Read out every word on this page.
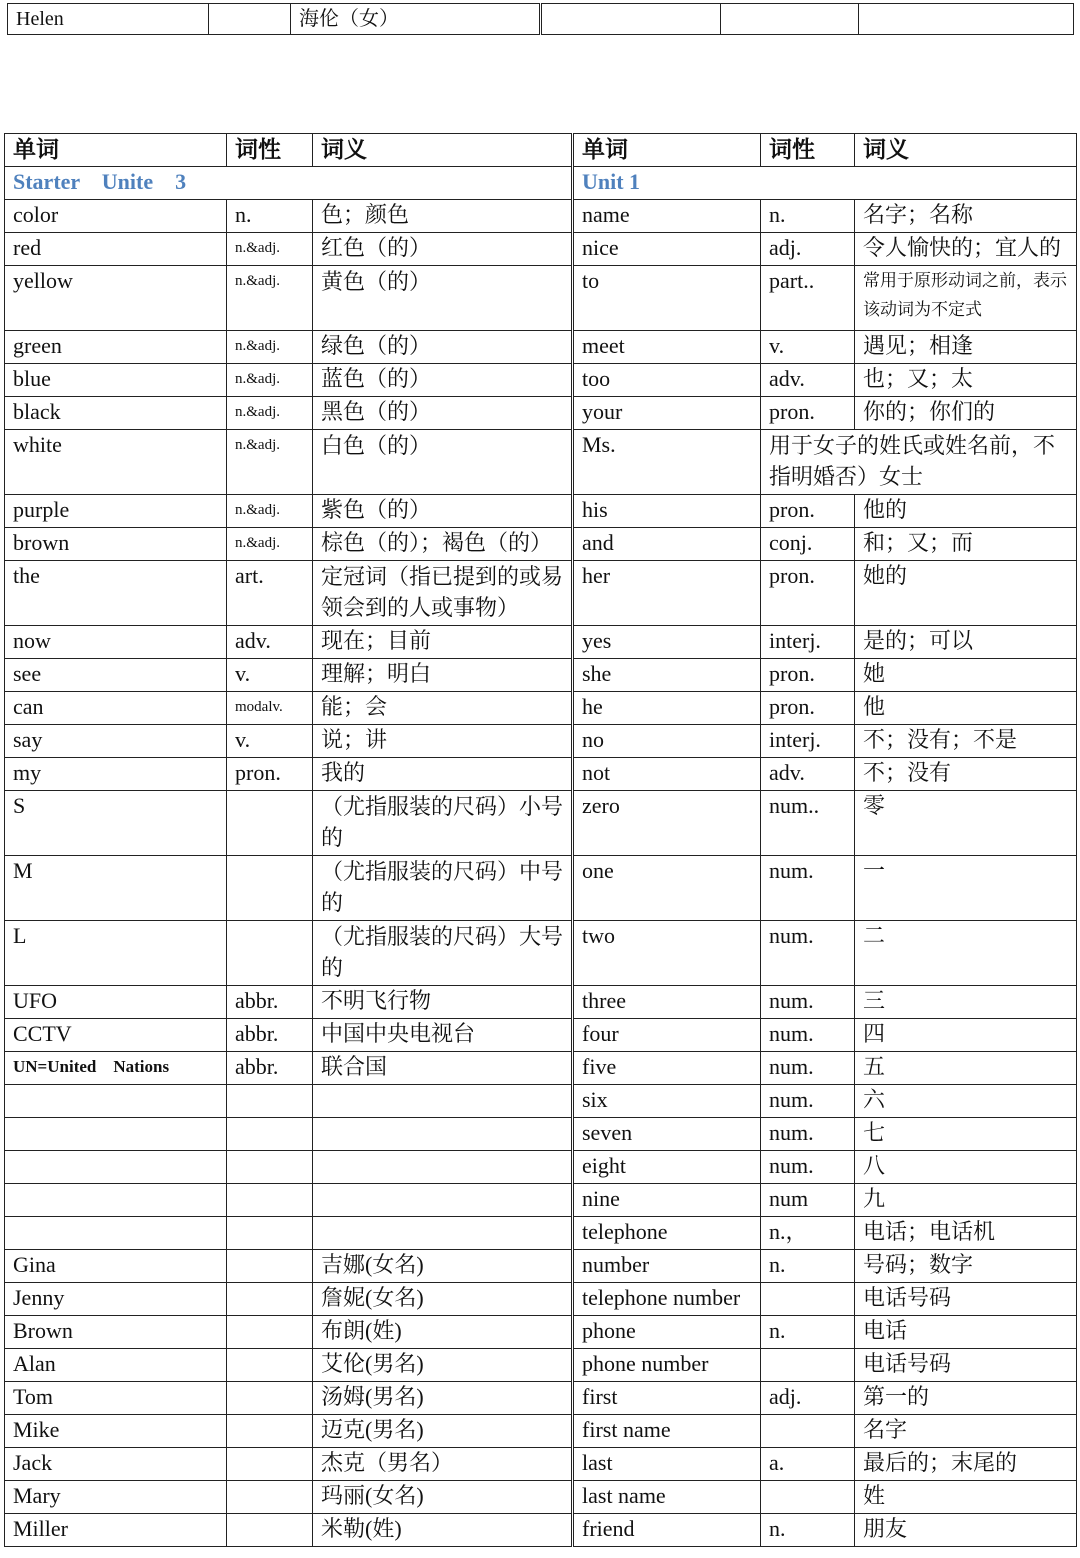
Helen		海伦（女）			
单词	词性	词义	单词	词性	词义
Starter　Unite　3			Unit 1		
color	n.	色；颜色	name	n.	名字；名称
red	n.&adj.	红色（的）	nice	adj.	令人愉快的；宜人的
yellow	n.&adj.	黄色（的）	to	part..	常用于原形动词之前，表示该动词为不定式
green	n.&adj.	绿色（的）	meet	v.	遇见；相逢
blue	n.&adj.	蓝色（的）	too	adv.	也；又；太
black	n.&adj.	黑色（的）	your	pron.	你的；你们的
white	n.&adj.	白色（的）	Ms.	用于女子的姓氏或姓名前，不指明婚否）女士	
purple	n.&adj.	紫色（的）	his	pron.	他的
brown	n.&adj.	棕色（的）；褐色（的）	and	conj.	和；又；而
the	art.	定冠词（指已提到的或易领会到的人或事物）	her	pron.	她的
now	adv.	现在；目前	yes	interj.	是的；可以
see	v.	理解；明白	she	pron.	她
can	modalv.	能；会	he	pron.	他
say	v.	说；讲	no	interj.	不；没有；不是
my	pron.	我的	not	adv.	不；没有
S		（尤指服装的尺码）小号的	zero	num..	零
M		（尤指服装的尺码）中号的	one	num.	一
L		（尤指服装的尺码）大号的	two	num.	二
UFO	abbr.	不明飞行物	three	num.	三
CCTV	abbr.	中国中央电视台	four	num.	四
UN=United　Nations	abbr.	联合国	five	num.	五
			six	num.	六
			seven	num.	七
			eight	num.	八
			nine	num	九
			telephone	n.，	电话；电话机
Gina		吉娜(女名)	number	n.	号码；数字
Jenny		詹妮(女名)	telephone number		电话号码
Brown		布朗(姓)	phone	n.	电话
Alan		艾伦(男名)	phone number		电话号码
Tom		汤姆(男名)	first	adj.	第一的
Mike		迈克(男名)	first name		名字
Jack		杰克（男名）	last	a.	最后的；末尾的
Mary		玛丽(女名)	last name		姓
Miller		米勒(姓)	friend	n.	朋友
